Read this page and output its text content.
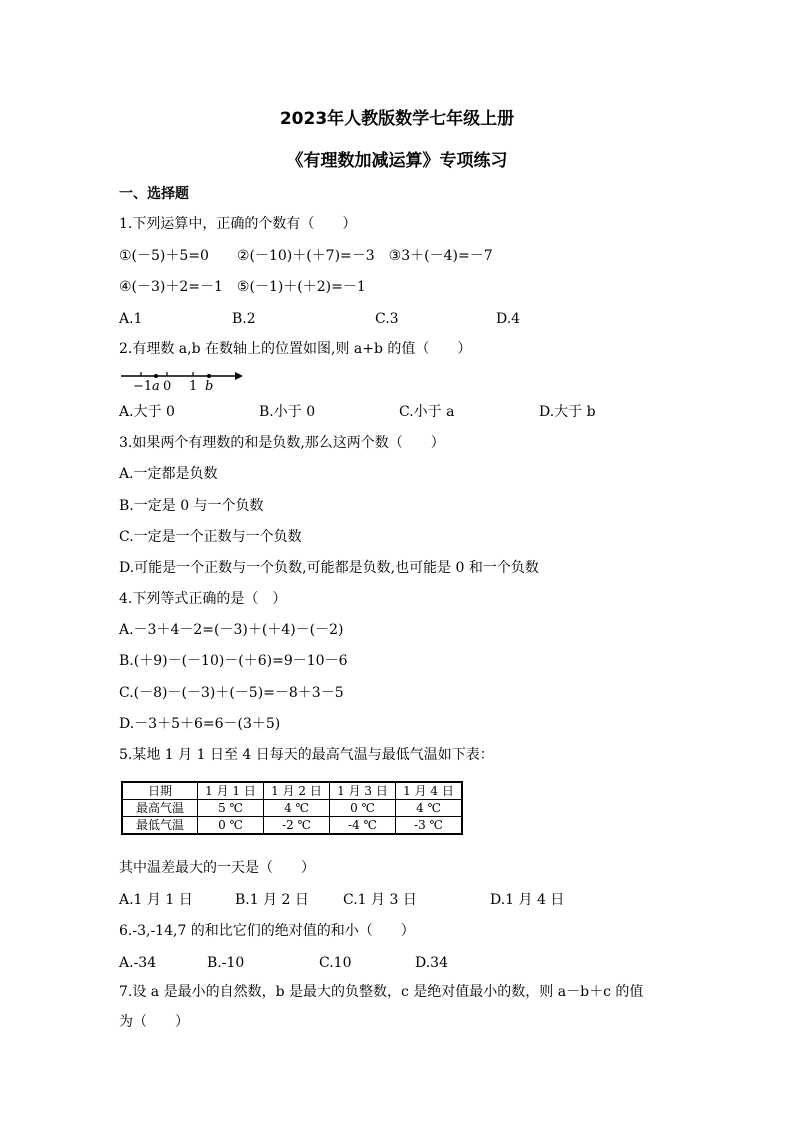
2023年人教版数学七年级上册
《有理数加减运算》专项练习
一、选择题
1.下列运算中，正确的个数有（　　）
①(－5)＋5=0　　②(－10)＋(＋7)=－3　③3＋(－4)=－7
④(－3)＋2=－1　⑤(－1)＋(＋2)=－1
A.1	B.2	C.3	D.4
2.有理数 a,b 在数轴上的位置如图,则 a+b 的值（　　）
−1 a 0 1 b
A.大于 0	B.小于 0	C.小于 a	D.大于 b
3.如果两个有理数的和是负数,那么这两个数（　　）
A.一定都是负数
B.一定是 0 与一个负数
C.一定是一个正数与一个负数
D.可能是一个正数与一个负数,可能都是负数,也可能是 0 和一个负数
4.下列等式正确的是（　）
A.－3＋4－2=(－3)＋(＋4)－(－2)
B.(＋9)－(－10)－(＋6)=9－10－6
C.(－8)－(－3)＋(－5)=－8＋3－5
D.－3＋5＋6=6－(3＋5)
5.某地 1 月 1 日至 4 日每天的最高气温与最低气温如下表：
日期	1 月 1 日	1 月 2 日	1 月 3 日	1 月 4 日
最高气温	5 ℃	4 ℃	0 ℃	4 ℃
最低气温	0 ℃	-2 ℃	-4 ℃	-3 ℃
其中温差最大的一天是（　　）
A.1 月 1 日	B.1 月 2 日 C.1 月 3 日	D.1 月 4 日
6.-3,-14,7 的和比它们的绝对值的和小（　　）
A.-34	B.-10	C.10	D.34
7.设 a 是最小的自然数，b 是最大的负整数，c 是绝对值最小的数，则 a－b＋c 的值
为（　　）
